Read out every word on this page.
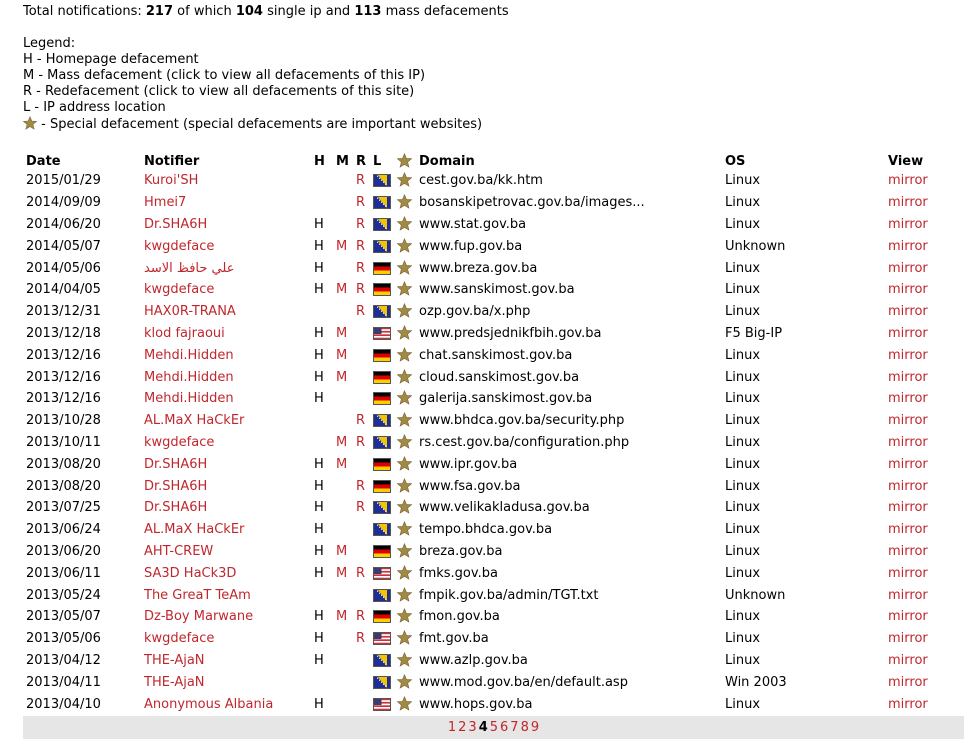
Total notifications: 217 of which 104 single ip and 113 mass defacements
Legend:
H - Homepage defacement
M - Mass defacement (click to view all defacements of this IP)
R - Redefacement (click to view all defacements of this site)
L - IP address location
- Special defacement (special defacements are important websites)
Date	Notifier	H	M	R	L		Domain	OS	View
2015/01/29	Kuroi'SH			R			cest.gov.ba/kk.htm	Linux	mirror
2014/09/09	Hmei7			R			bosanskipetrovac.gov.ba/images...	Linux	mirror
2014/06/20	Dr.SHA6H	H		R			www.stat.gov.ba	Linux	mirror
2014/05/07	kwgdeface	H	M	R			www.fup.gov.ba	Unknown	mirror
2014/05/06	علي حافظ الاسد	H		R			www.breza.gov.ba	Linux	mirror
2014/04/05	kwgdeface	H	M	R			www.sanskimost.gov.ba	Linux	mirror
2013/12/31	HAX0R-TRANA			R			ozp.gov.ba/x.php	Linux	mirror
2013/12/18	klod fajraoui	H	M				www.predsjednikfbih.gov.ba	F5 Big-IP	mirror
2013/12/16	Mehdi.Hidden	H	M				chat.sanskimost.gov.ba	Linux	mirror
2013/12/16	Mehdi.Hidden	H	M				cloud.sanskimost.gov.ba	Linux	mirror
2013/12/16	Mehdi.Hidden	H					galerija.sanskimost.gov.ba	Linux	mirror
2013/10/28	AL.MaX HaCkEr			R			www.bhdca.gov.ba/security.php	Linux	mirror
2013/10/11	kwgdeface		M	R			rs.cest.gov.ba/configuration.php	Linux	mirror
2013/08/20	Dr.SHA6H	H	M				www.ipr.gov.ba	Linux	mirror
2013/08/20	Dr.SHA6H	H		R			www.fsa.gov.ba	Linux	mirror
2013/07/25	Dr.SHA6H	H		R			www.velikakladusa.gov.ba	Linux	mirror
2013/06/24	AL.MaX HaCkEr	H					tempo.bhdca.gov.ba	Linux	mirror
2013/06/20	AHT-CREW	H	M				breza.gov.ba	Linux	mirror
2013/06/11	SA3D HaCk3D	H	M	R			fmks.gov.ba	Linux	mirror
2013/05/24	The GreaT TeAm						fmpik.gov.ba/admin/TGT.txt	Unknown	mirror
2013/05/07	Dz-Boy Marwane	H	M	R			fmon.gov.ba	Linux	mirror
2013/05/06	kwgdeface	H		R			fmt.gov.ba	Linux	mirror
2013/04/12	THE-AjaN	H					www.azlp.gov.ba	Linux	mirror
2013/04/11	THE-AjaN						www.mod.gov.ba/en/default.asp	Win 2003	mirror
2013/04/10	Anonymous Albania	H					www.hops.gov.ba	Linux	mirror
1 2 3 4 5 6 7 8 9
